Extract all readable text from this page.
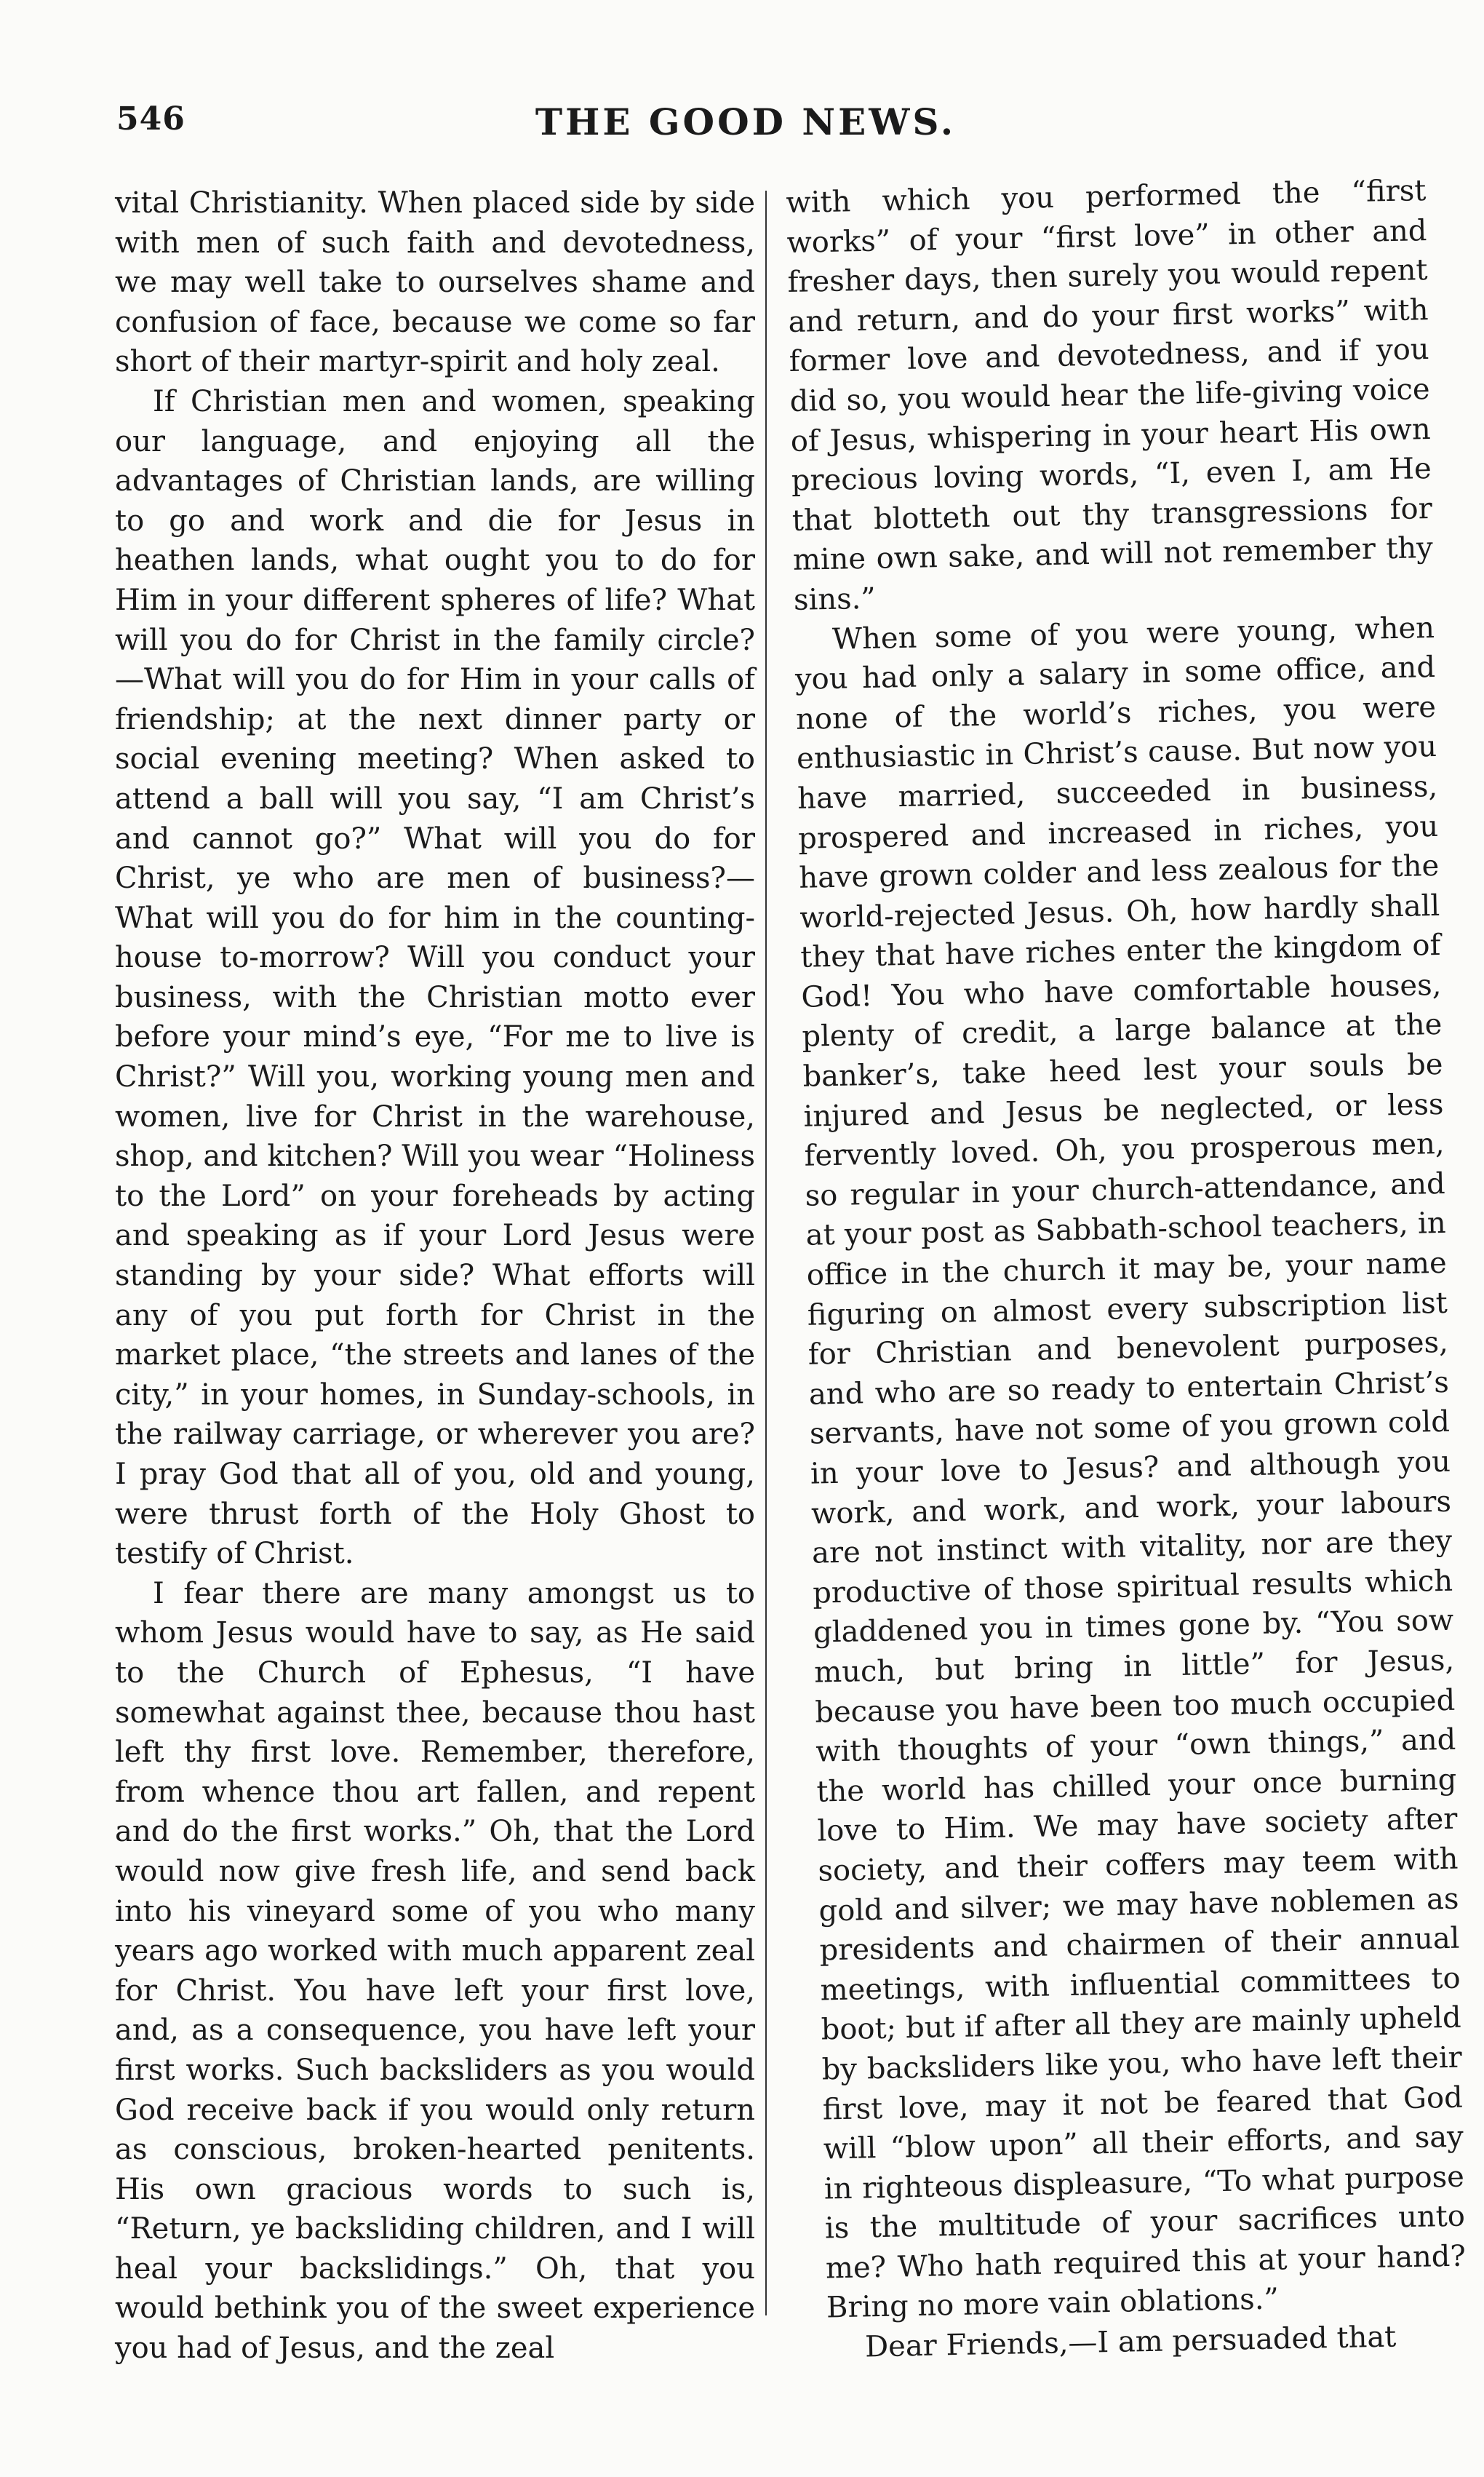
546	THE GOOD NEWS.

vital Christianity. When placed side by side with men of such faith and devotedness, we may well take to ourselves shame and confusion of face, because we come so far short of their martyr-spirit and holy zeal.

If Christian men and women, speaking our language, and enjoying all the advantages of Christian lands, are willing to go and work and die for Jesus in heathen lands, what ought you to do for Him in your different spheres of life? What will you do for Christ in the family circle?—What will you do for Him in your calls of friendship; at the next dinner party or social evening meeting? When asked to attend a ball will you say, “I am Christ’s and cannot go?” What will you do for Christ, ye who are men of business?—What will you do for him in the counting-house to-morrow? Will you conduct your business, with the Christian motto ever before your mind’s eye, “For me to live is Christ?” Will you, working young men and women, live for Christ in the warehouse, shop, and kitchen? Will you wear “Holiness to the Lord” on your foreheads by acting and speaking as if your Lord Jesus were standing by your side? What efforts will any of you put forth for Christ in the market place, “the streets and lanes of the city,” in your homes, in Sunday-schools, in the railway carriage, or wherever you are? I pray God that all of you, old and young, were thrust forth of the Holy Ghost to testify of Christ.

I fear there are many amongst us to whom Jesus would have to say, as He said to the Church of Ephesus, “I have somewhat against thee, because thou hast left thy first love. Remember, therefore, from whence thou art fallen, and repent and do the first works.” Oh, that the Lord would now give fresh life, and send back into his vineyard some of you who many years ago worked with much apparent zeal for Christ. You have left your first love, and, as a consequence, you have left your first works. Such backsliders as you would God receive back if you would only return as conscious, broken-hearted penitents. His own gracious words to such is, “Return, ye backsliding children, and I will heal your backslidings.” Oh, that you would bethink you of the sweet experience you had of Jesus, and the zeal

with which you performed the “first works” of your “first love” in other and fresher days, then surely you would repent and return, and do your first works” with former love and devotedness, and if you did so, you would hear the life-giving voice of Jesus, whispering in your heart His own precious loving words, “I, even I, am He that blotteth out thy transgressions for mine own sake, and will not remember thy sins.”

When some of you were young, when you had only a salary in some office, and none of the world’s riches, you were enthusiastic in Christ’s cause. But now you have married, succeeded in business, prospered and increased in riches, you have grown colder and less zealous for the world-rejected Jesus. Oh, how hardly shall they that have riches enter the kingdom of God! You who have comfortable houses, plenty of credit, a large balance at the banker’s, take heed lest your souls be injured and Jesus be neglected, or less fervently loved. Oh, you prosperous men, so regular in your church-attendance, and at your post as Sabbath-school teachers, in office in the church it may be, your name figuring on almost every subscription list for Christian and benevolent purposes, and who are so ready to entertain Christ’s servants, have not some of you grown cold in your love to Jesus? and although you work, and work, and work, your labours are not instinct with vitality, nor are they productive of those spiritual results which gladdened you in times gone by. “You sow much, but bring in little” for Jesus, because you have been too much occupied with thoughts of your “own things,” and the world has chilled your once burning love to Him. We may have society after society, and their coffers may teem with gold and silver; we may have noblemen as presidents and chairmen of their annual meetings, with influential committees to boot; but if after all they are mainly upheld by backsliders like you, who have left their first love, may it not be feared that God will “blow upon” all their efforts, and say in righteous displeasure, “To what purpose is the multitude of your sacrifices unto me? Who hath required this at your hand? Bring no more vain oblations.”

Dear Friends,—I am persuaded that
